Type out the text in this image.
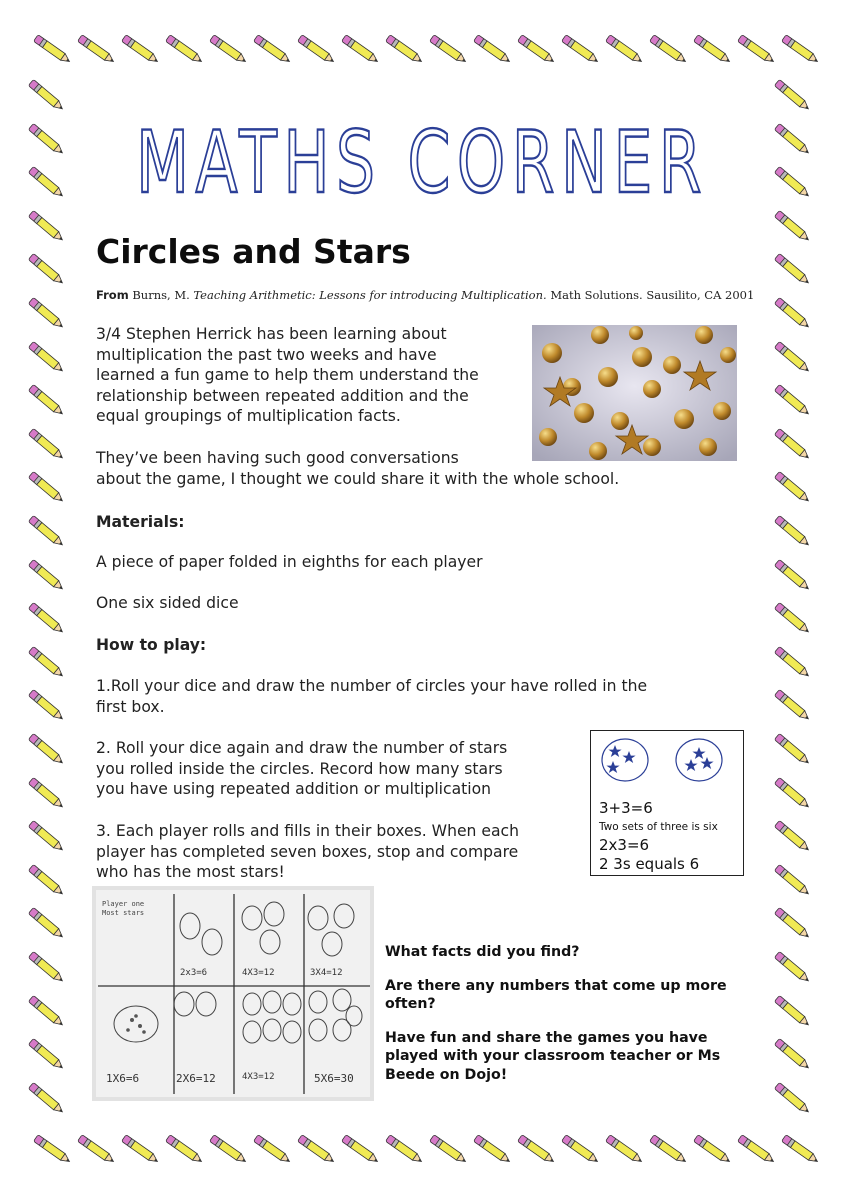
MATHS CORNER
Circles and Stars
From Burns, M. Teaching Arithmetic: Lessons for introducing Multiplication. Math Solutions. Sausilito, CA 2001
3/4 Stephen Herrick has been learning about
multiplication the past two weeks and have
learned a fun game to help them understand the
relationship between repeated addition and the
equal groupings of multiplication facts.
They’ve been having such good conversations
about the game, I thought we could share it with the whole school.
Materials:
A piece of paper folded in eighths for each player
One six sided dice
How to play:
1.Roll your dice and draw the number of circles your have rolled in the
first box.
2. Roll your dice again and draw the number of stars
you rolled inside the circles. Record how many stars
you have using repeated addition or multiplication
3. Each player rolls and fills in their boxes. When each
player has completed seven boxes, stop and compare
who has the most stars!
3+3=6
Two sets of three is six
2x3=6
2 3s equals 6
Player one
Most stars
2x3=6	4X3=12	3X4=12
1X6=6	2X6=12	4X3=12	5X6=30

What facts did you find?

Are there any numbers that come up more often?

Have fun and share the games you have played with your classroom teacher or Ms Beede on Dojo!
